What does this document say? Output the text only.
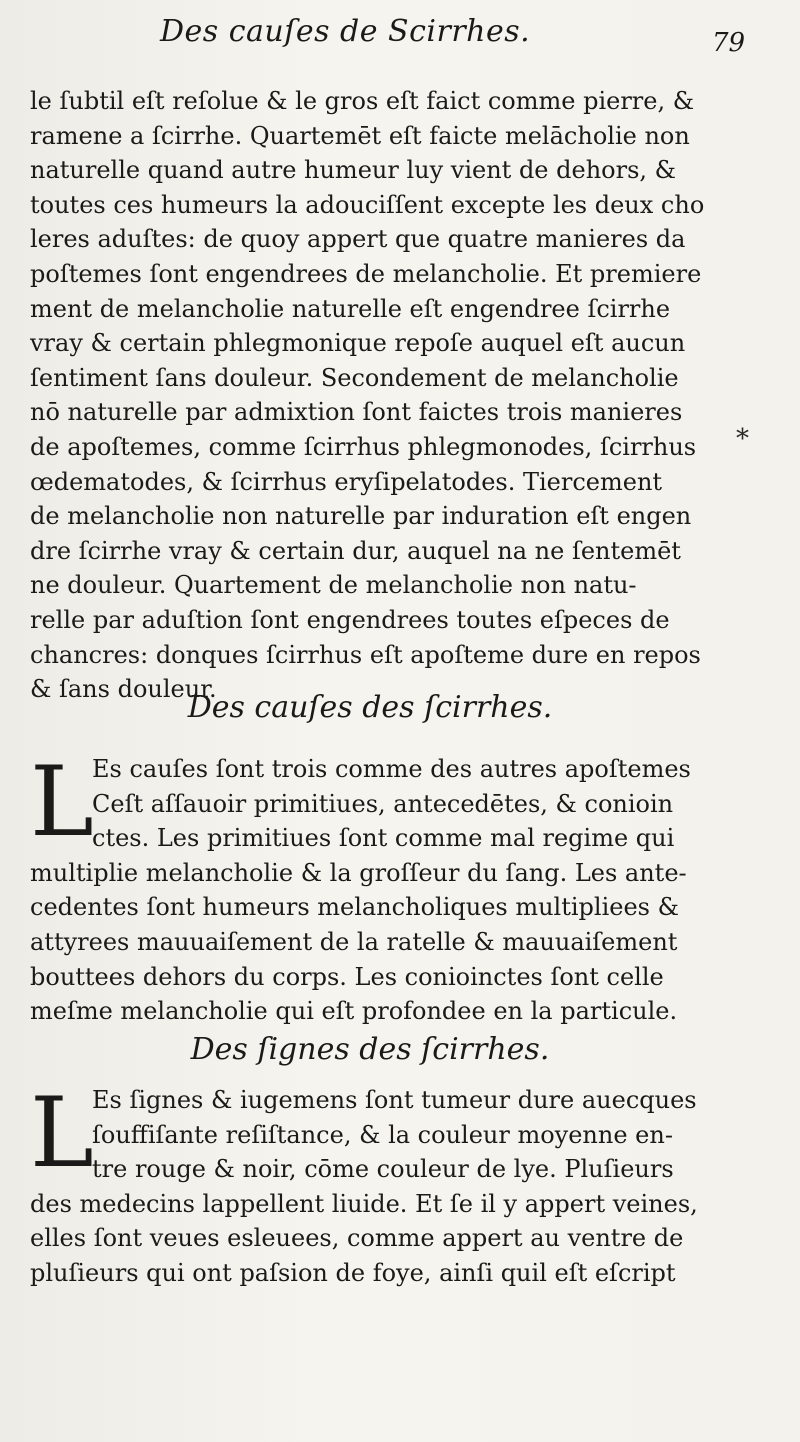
Des cauſes de Scirrhes.	79
*
le ſubtil eſt reſolue & le gros eſt faict comme pierre, &
ramene a ſcirrhe. Quartemēt eſt faicte melācholie non
naturelle quand autre humeur luy vient de dehors, &
toutes ces humeurs la adouciſſent excepte les deux cho
leres aduſtes: de quoy appert que quatre manieres da
poſtemes ſont engendrees de melancholie. Et premiere
ment de melancholie naturelle eſt engendree ſcirrhe
vray & certain phlegmonique repoſe auquel eſt aucun
ſentiment ſans douleur. Secondement de melancholie
nō naturelle par admixtion ſont faictes trois manieres
de apoſtemes, comme ſcirrhus phlegmonodes, ſcirrhus
œdematodes, & ſcirrhus eryſipelatodes. Tiercement
de melancholie non naturelle par induration eſt engen
dre ſcirrhe vray & certain dur, auquel na ne ſentemēt
ne douleur. Quartement de melancholie non natu-
relle par aduſtion ſont engendrees toutes eſpeces de
chancres: donques ſcirrhus eſt apoſteme dure en repos
& ſans douleur.
Des cauſes des ſcirrhes.
L
Es cauſes ſont trois comme des autres apoſtemes
Ceſt aſſauoir primitiues, antecedētes, & conioin
ctes. Les primitiues ſont comme mal regime qui
multiplie melancholie & la groſſeur du ſang. Les ante-
cedentes ſont humeurs melancholiques multipliees &
attyrees mauuaiſement de la ratelle & mauuaiſement
bouttees dehors du corps. Les conioinctes ſont celle
meſme melancholie qui eſt profondee en la particule.
Des ſignes des ſcirrhes.
L
Es ſignes & iugemens ſont tumeur dure auecques
ſouffiſante reſiſtance, & la couleur moyenne en-
tre rouge & noir, cōme couleur de lye. Pluſieurs
des medecins lappellent liuide. Et ſe il y appert veines,
elles ſont veues esleuees, comme appert au ventre de
pluſieurs qui ont paſsion de foye, ainſi quil eſt eſcript
